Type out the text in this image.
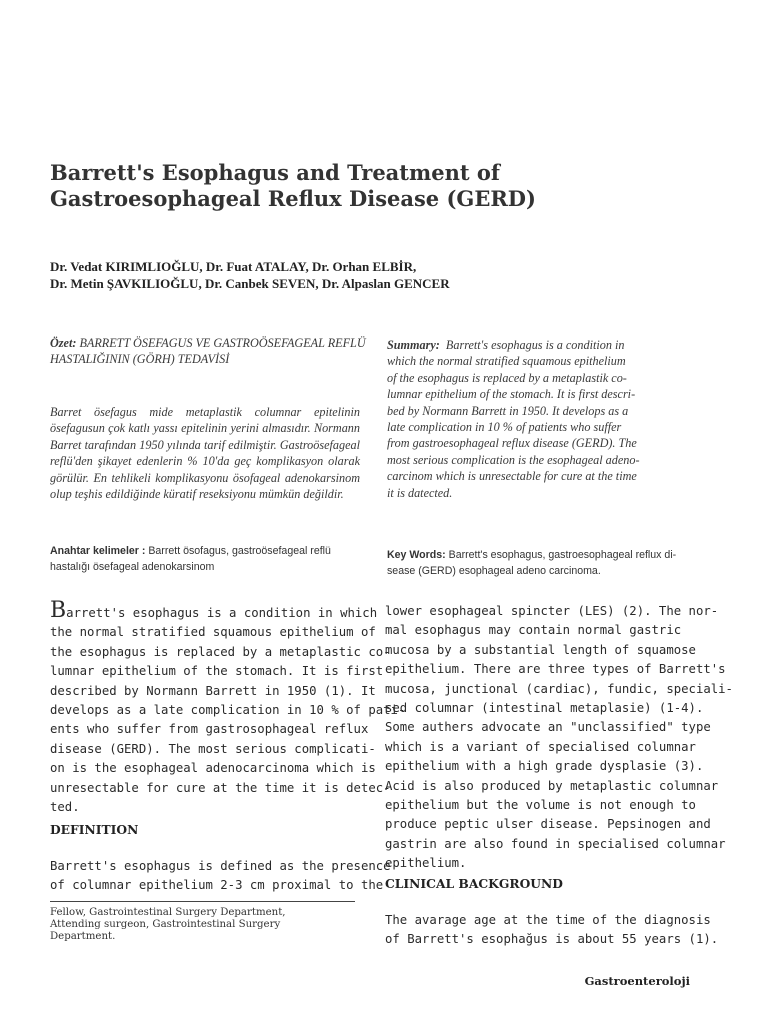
Barrett's Esophagus and Treatment of
Gastroesophageal Reflux Disease (GERD)
Dr. Vedat KIRIMLIOĞLU, Dr. Fuat ATALAY, Dr. Orhan ELBİR,
Dr. Metin ŞAVKILIOĞLU, Dr. Canbek SEVEN, Dr. Alpaslan GENCER
Özet: BARRETT ÖSEFAGUS VE GASTROÖSEFAGEAL REFLÜ HASTALIĞININ (GÖRH) TEDAVİSİ
Barret ösefagus mide metaplastik columnar epitelinin ösefagusun çok katlı yassı epitelinin yerini almasıdır. Normann Barret tarafından 1950 yılında tarif edilmiştir. Gastroösefageal reflü'den şikayet edenlerin % 10'da geç komplikasyon olarak görülür. En tehlikeli komplikasyonu ösofageal adenokarsinom olup teşhis edildiğinde küratif reseksiyonu mümkün değildir.
Summary: Barrett's esophagus is a condition in
which the normal stratified squamous epithelium
of the esophagus is replaced by a metaplastik co-
lumnar epithelium of the stomach. It is first descri-
bed by Normann Barrett in 1950. It develops as a
late complication in 10 % of patients who suffer
from gastroesophageal reflux disease (GERD). The
most serious complication is the esophageal adeno-
carcinom which is unresectable for cure at the time
it is datected.
Anahtar kelimeler : Barrett ösofagus, gastroösefageal reflü
hastalığı ösefageal adenokarsinom
Key Words: Barrett's esophagus, gastroesophageal reflux di-
sease (GERD) esophageal adeno carcinoma.
Barrett's esophagus is a condition in which
the normal stratified squamous epithelium of
the esophagus is replaced by a metaplastic co-
lumnar epithelium of the stomach. It is first
described by Normann Barrett in 1950 (1). It
develops as a late complication in 10 % of pati-
ents who suffer from gastrosophageal reflux
disease (GERD). The most serious complicati-
on is the esophageal adenocarcinoma which is
unresectable for cure at the time it is detec-
ted.
DEFINITION
Barrett's esophagus is defined as the presence
of columnar epithelium 2-3 cm proximal to the
Fellow, Gastrointestinal Surgery Department,
Attending surgeon, Gastrointestinal Surgery
Department.
lower esophageal spincter (LES) (2). The nor-
mal esophagus may contain normal gastric
mucosa by a substantial length of squamose
epithelium. There are three types of Barrett's
mucosa, junctional (cardiac), fundic, speciali-
sed columnar (intestinal metaplasie) (1-4).
Some authers advocate an "unclassified" type
which is a variant of specialised columnar
epithelium with a high grade dysplasie (3).
Acid is also produced by metaplastic columnar
epithelium but the volume is not enough to
produce peptic ulser disease. Pepsinogen and
gastrin are also found in specialised columnar
epithelium.
CLINICAL BACKGROUND
The avarage age at the time of the diagnosis
of Barrett's esophağus is about 55 years (1).
Gastroenteroloji
